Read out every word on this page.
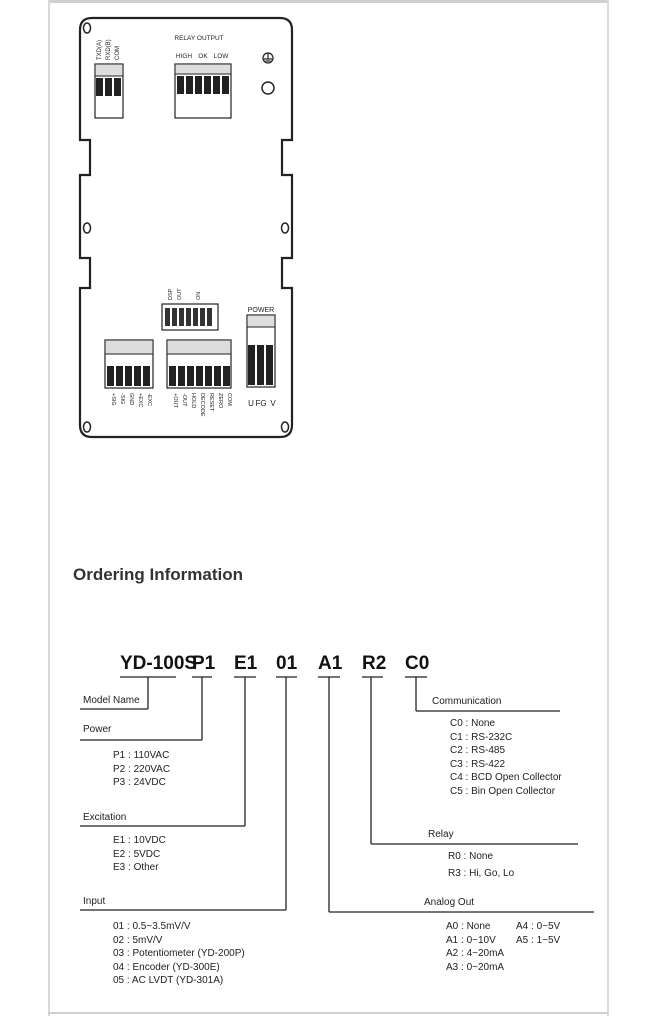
TXD(A) RXD(B) COM
RELAY OUTPUT
HIGH OK LOW
DSP OUT ON
POWER
U FG V
+SIG -SIG GND +EXC -EXC	+OUT -OUT HOLD DECODE RESET ZERO COM
Ordering Information
YD-100S
P1 E1 01 A1 R2 C0
Model Name
Power
Excitation
Input
Communication
Relay
Analog Out
P1 : 110VAC
P2 : 220VAC
P3 : 24VDC
E1 : 10VDC
E2 : 5VDC
E3 : Other
01 : 0.5~3.5mV/V
02 : 5mV/V
03 : Potentiometer (YD-200P)
04 : Encoder (YD-300E)
05 : AC LVDT (YD-301A)
C0 : None
C1 : RS-232C
C2 : RS-485
C3 : RS-422
C4 : BCD Open Collector
C5 : Bin Open Collector
R0 : None
R3 : Hi, Go, Lo
A0 : None
A1 : 0~10V
A2 : 4~20mA
A3 : 0~20mA
A4 : 0~5V
A5 : 1~5V
